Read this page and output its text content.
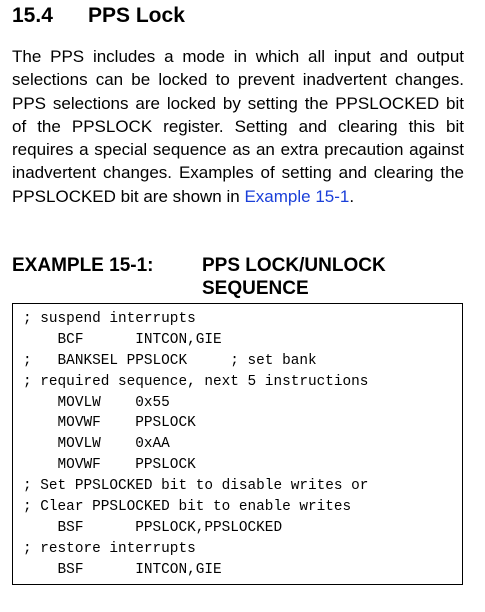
15.4 PPS Lock

The PPS includes a mode in which all input and output selections can be locked to prevent inadvertent changes. PPS selections are locked by setting the PPSLOCKED bit of the PPSLOCK register. Setting and clearing this bit requires a special sequence as an extra precaution against inadvertent changes. Examples of setting and clearing the PPSLOCKED bit are shown in Example 15-1.

EXAMPLE 15-1:	PPS LOCK/UNLOCK SEQUENCE
; suspend interrupts
BCF      INTCON,GIE
;   BANKSEL PPSLOCK     ; set bank
; required sequence, next 5 instructions
MOVLW    0x55
MOVWF    PPSLOCK
MOVLW    0xAA
MOVWF    PPSLOCK
; Set PPSLOCKED bit to disable writes or
; Clear PPSLOCKED bit to enable writes
BSF      PPSLOCK,PPSLOCKED
; restore interrupts
BSF      INTCON,GIE
